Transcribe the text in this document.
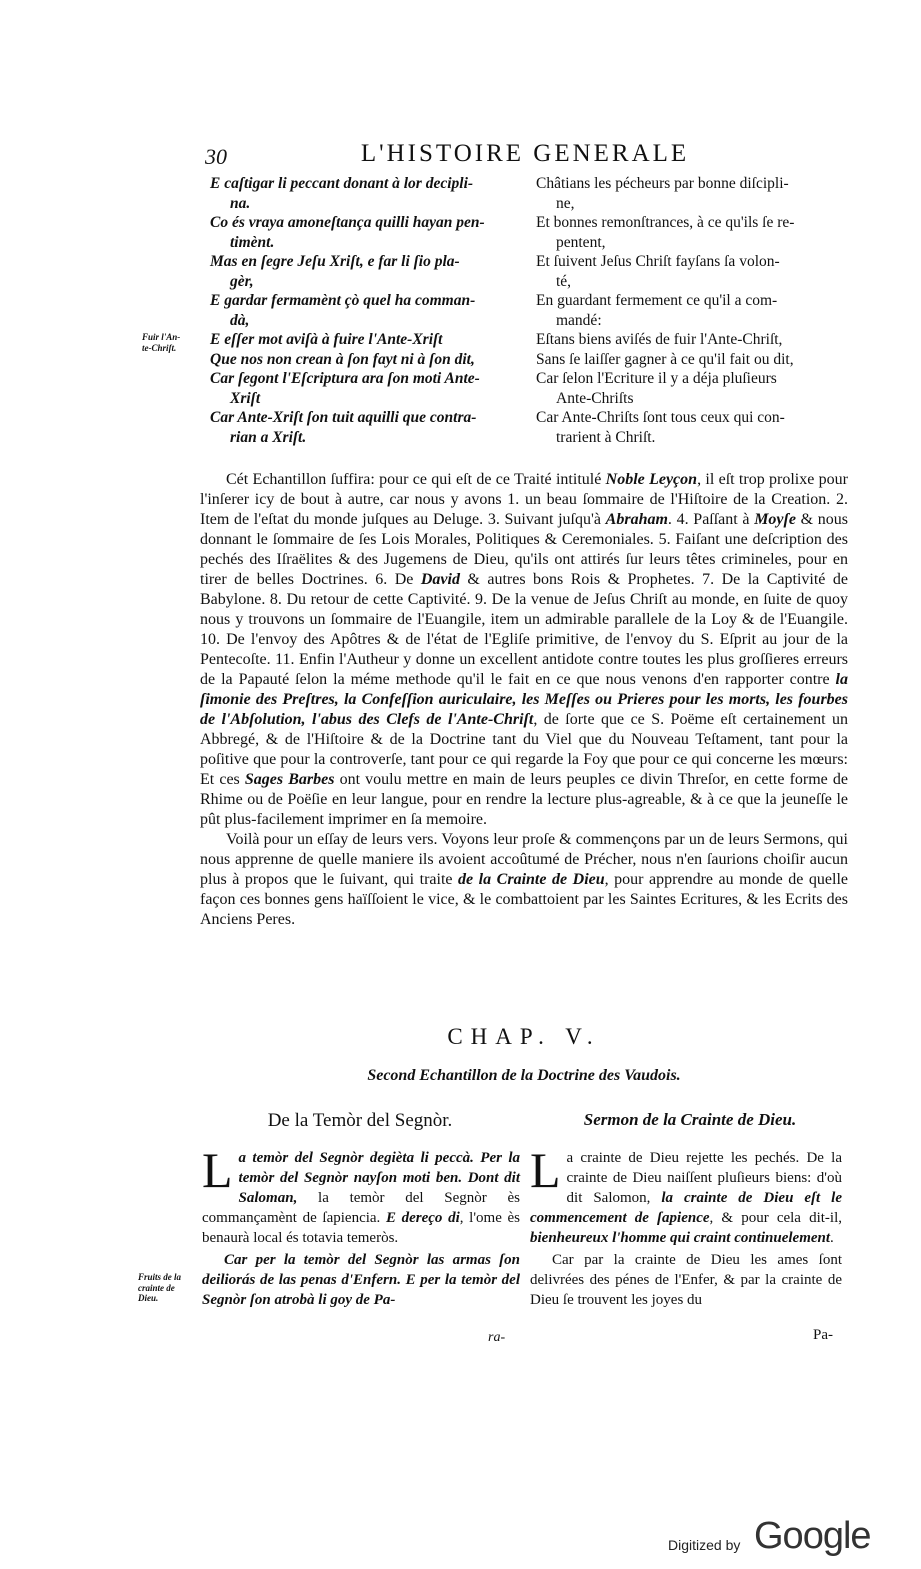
30	L'HISTOIRE GENERALE
E caſtigar li peccant donant à lor decipli-
na.
Co és vraya amoneſtança quilli hayan pen-
timènt.
Mas en ſegre Jeſu Xriſt, e far li ſio pla-
gèr,
E gardar fermamènt çò quel ha comman-
dà,
E eſſer mot aviſà à fuire l'Ante-Xriſt
Que nos non crean à ſon fayt ni à ſon dit,
Car ſegont l'Eſcriptura ara ſon moti Ante-
Xriſt
Car Ante-Xriſt ſon tuit aquilli que contra-
rian a Xriſt.
Châtians les pécheurs par bonne diſcipli-
ne,
Et bonnes remonſtrances, à ce qu'ils ſe re-
pentent,
Et ſuivent Jeſus Chriſt fayſans ſa volon-
té,
En guardant fermement ce qu'il a com-
mandé:
Eſtans biens aviſés de fuir l'Ante-Chriſt,
Sans ſe laiſſer gagner à ce qu'il fait ou dit,
Car ſelon l'Ecriture il y a déja pluſieurs
Ante-Chriſts
Car Ante-Chriſts ſont tous ceux qui con-
trarient à Chriſt.
Fuir l'An-
te-Chriſt.

Cét Echantillon ſuffira: pour ce qui eſt de ce Traité intitulé Noble Leyçon, il eſt trop prolixe pour l'inſerer icy de bout à autre, car nous y avons 1. un beau ſommaire de l'Hiſtoire de la Creation. 2. Item de l'eſtat du monde juſques au Deluge. 3. Suivant juſqu'à Abraham. 4. Paſſant à Moyſe & nous donnant le ſommaire de ſes Lois Morales, Politiques & Ceremoniales. 5. Faiſant une deſcription des pechés des Iſraëlites & des Jugemens de Dieu, qu'ils ont attirés ſur leurs têtes crimineles, pour en tirer de belles Doctrines. 6. De David & autres bons Rois & Prophetes. 7. De la Captivité de Babylone. 8. Du retour de cette Captivité. 9. De la venue de Jeſus Chriſt au monde, en ſuite de quoy nous y trouvons un ſommaire de l'Euangile, item un admirable parallele de la Loy & de l'Euangile. 10. De l'envoy des Apôtres & de l'état de l'Egliſe primitive, de l'envoy du S. Eſprit au jour de la Pentecoſte. 11. Enfin l'Autheur y donne un excellent antidote contre toutes les plus groſſieres erreurs de la Papauté ſelon la méme methode qu'il le fait en ce que nous venons d'en rapporter contre la ſimonie des Preſtres, la Confeſſion auriculaire, les Meſſes ou Prieres pour les morts, les fourbes de l'Abſolution, l'abus des Clefs de l'Ante-Chriſt, de ſorte que ce S. Poëme eſt certainement un Abbregé, & de l'Hiſtoire & de la Doctrine tant du Viel que du Nouveau Teſtament, tant pour la poſitive que pour la controverſe, tant pour ce qui regarde la Foy que pour ce qui concerne les mœurs: Et ces Sages Barbes ont voulu mettre en main de leurs peuples ce divin Threſor, en cette forme de Rhime ou de Poëſie en leur langue, pour en rendre la lecture plus-agreable, & à ce que la jeuneſſe le pût plus-facilement imprimer en ſa memoire.

Voilà pour un eſſay de leurs vers. Voyons leur proſe & commençons par un de leurs Sermons, qui nous apprenne de quelle maniere ils avoient accoûtumé de Précher, nous n'en ſaurions choiſir aucun plus à propos que le ſuivant, qui traite de la Crainte de Dieu, pour apprendre au monde de quelle façon ces bonnes gens haïſſoient le vice, & le combattoient par les Saintes Ecritures, & les Ecrits des Anciens Peres.

CHAP. V.
Second Echantillon de la Doctrine des Vaudois.
De la Temòr del Segnòr.	Sermon de la Crainte de Dieu.

La temòr del Segnòr degièta li peccà. Per la temòr del Segnòr nayſon moti ben. Dont dit Saloman, la temòr del Segnòr ès commançamènt de ſapiencia. E dereço di, l'ome ès benaurà local és totavia temeròs.

Car per la temòr del Segnòr las armas ſon deiliorás de las penas d'Enfern. E per la temòr del Segnòr ſon atrobà li goy de Pa-

ra-
Fruits de la
crainte de
Dieu.

La crainte de Dieu rejette les pechés. De la crainte de Dieu naiſſent pluſieurs biens: d'où dit Salomon, la crainte de Dieu eſt le commencement de ſapience, & pour cela dit-il, bienheureux l'homme qui craint continuelement.

Car par la crainte de Dieu les ames ſont delivrées des pénes de l'Enfer, & par la crainte de Dieu ſe trouvent les joyes du

Pa-
Digitized by Google
